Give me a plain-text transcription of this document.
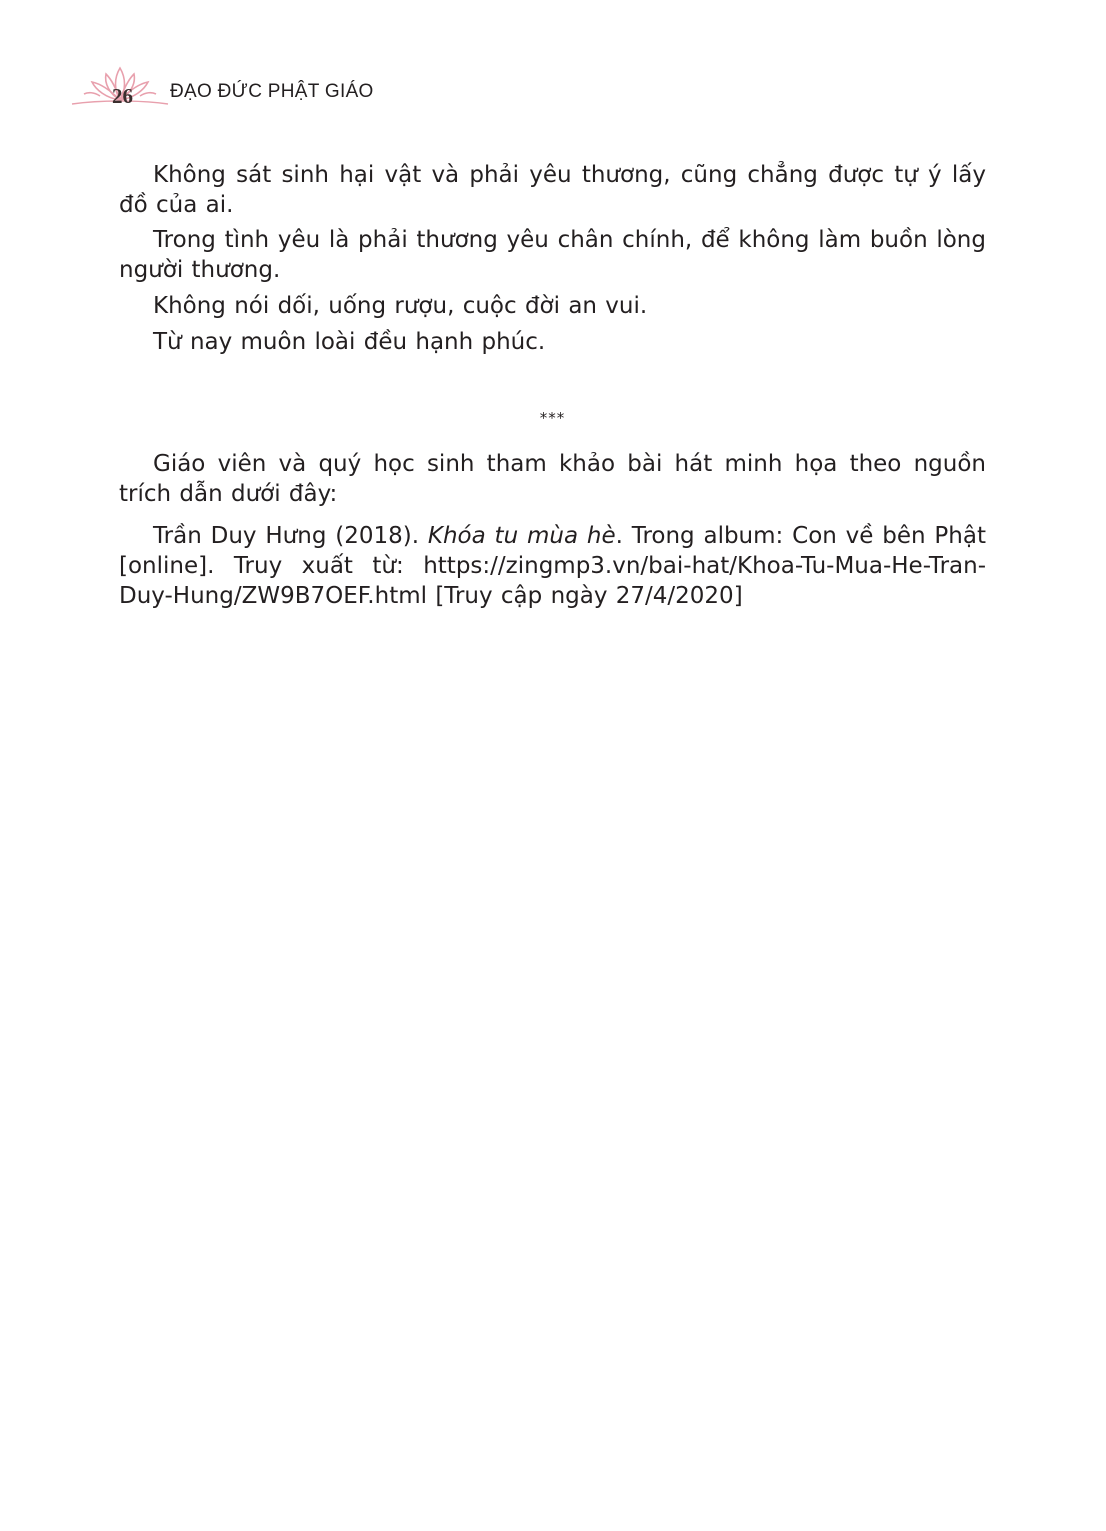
26 ĐẠO ĐỨC PHẬT GIÁO

Không sát sinh hại vật và phải yêu thương, cũng chẳng được tự ý lấy đồ của ai.

Trong tình yêu là phải thương yêu chân chính, để không làm buồn lòng người thương.

Không nói dối, uống rượu, cuộc đời an vui.

Từ nay muôn loài đều hạnh phúc.

***

Giáo viên và quý học sinh tham khảo bài hát minh họa theo nguồn trích dẫn dưới đây:

Trần Duy Hưng (2018). Khóa tu mùa hè. Trong album: Con về bên Phật [online]. Truy xuất từ: https://zingmp3.vn/bai-hat/Khoa-Tu-Mua-He-Tran-Duy-Hung/ZW9B7OEF.html [Truy cập ngày 27/4/2020]
